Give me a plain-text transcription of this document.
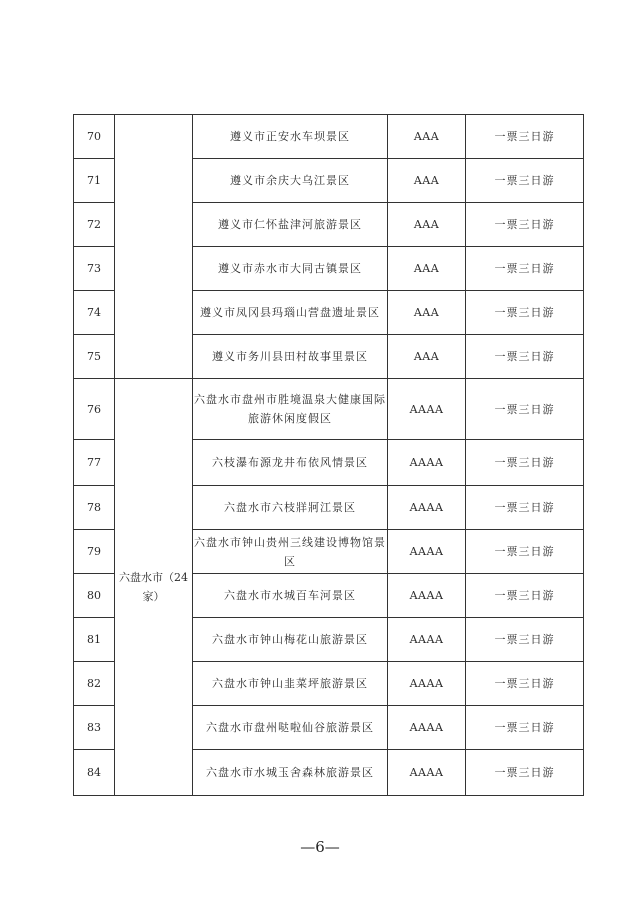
70		遵义市正安水车坝景区	AAA	一票三日游
71		遵义市余庆大乌江景区	AAA	一票三日游
72		遵义市仁怀盐津河旅游景区	AAA	一票三日游
73		遵义市赤水市大同古镇景区	AAA	一票三日游
74		遵义市凤冈县玛瑙山营盘遗址景区	AAA	一票三日游
75		遵义市务川县田村故事里景区	AAA	一票三日游
76	六盘水市（24家）	六盘水市盘州市胜境温泉大健康国际旅游休闲度假区	AAAA	一票三日游
77		六枝瀑布源龙井布依风情景区	AAAA	一票三日游
78		六盘水市六枝牂牁江景区	AAAA	一票三日游
79		六盘水市钟山贵州三线建设博物馆景区	AAAA	一票三日游
80		六盘水市水城百车河景区	AAAA	一票三日游
81		六盘水市钟山梅花山旅游景区	AAAA	一票三日游
82		六盘水市钟山韭菜坪旅游景区	AAAA	一票三日游
83		六盘水市盘州哒啦仙谷旅游景区	AAAA	一票三日游
84		六盘水市水城玉舍森林旅游景区	AAAA	一票三日游
—6—
